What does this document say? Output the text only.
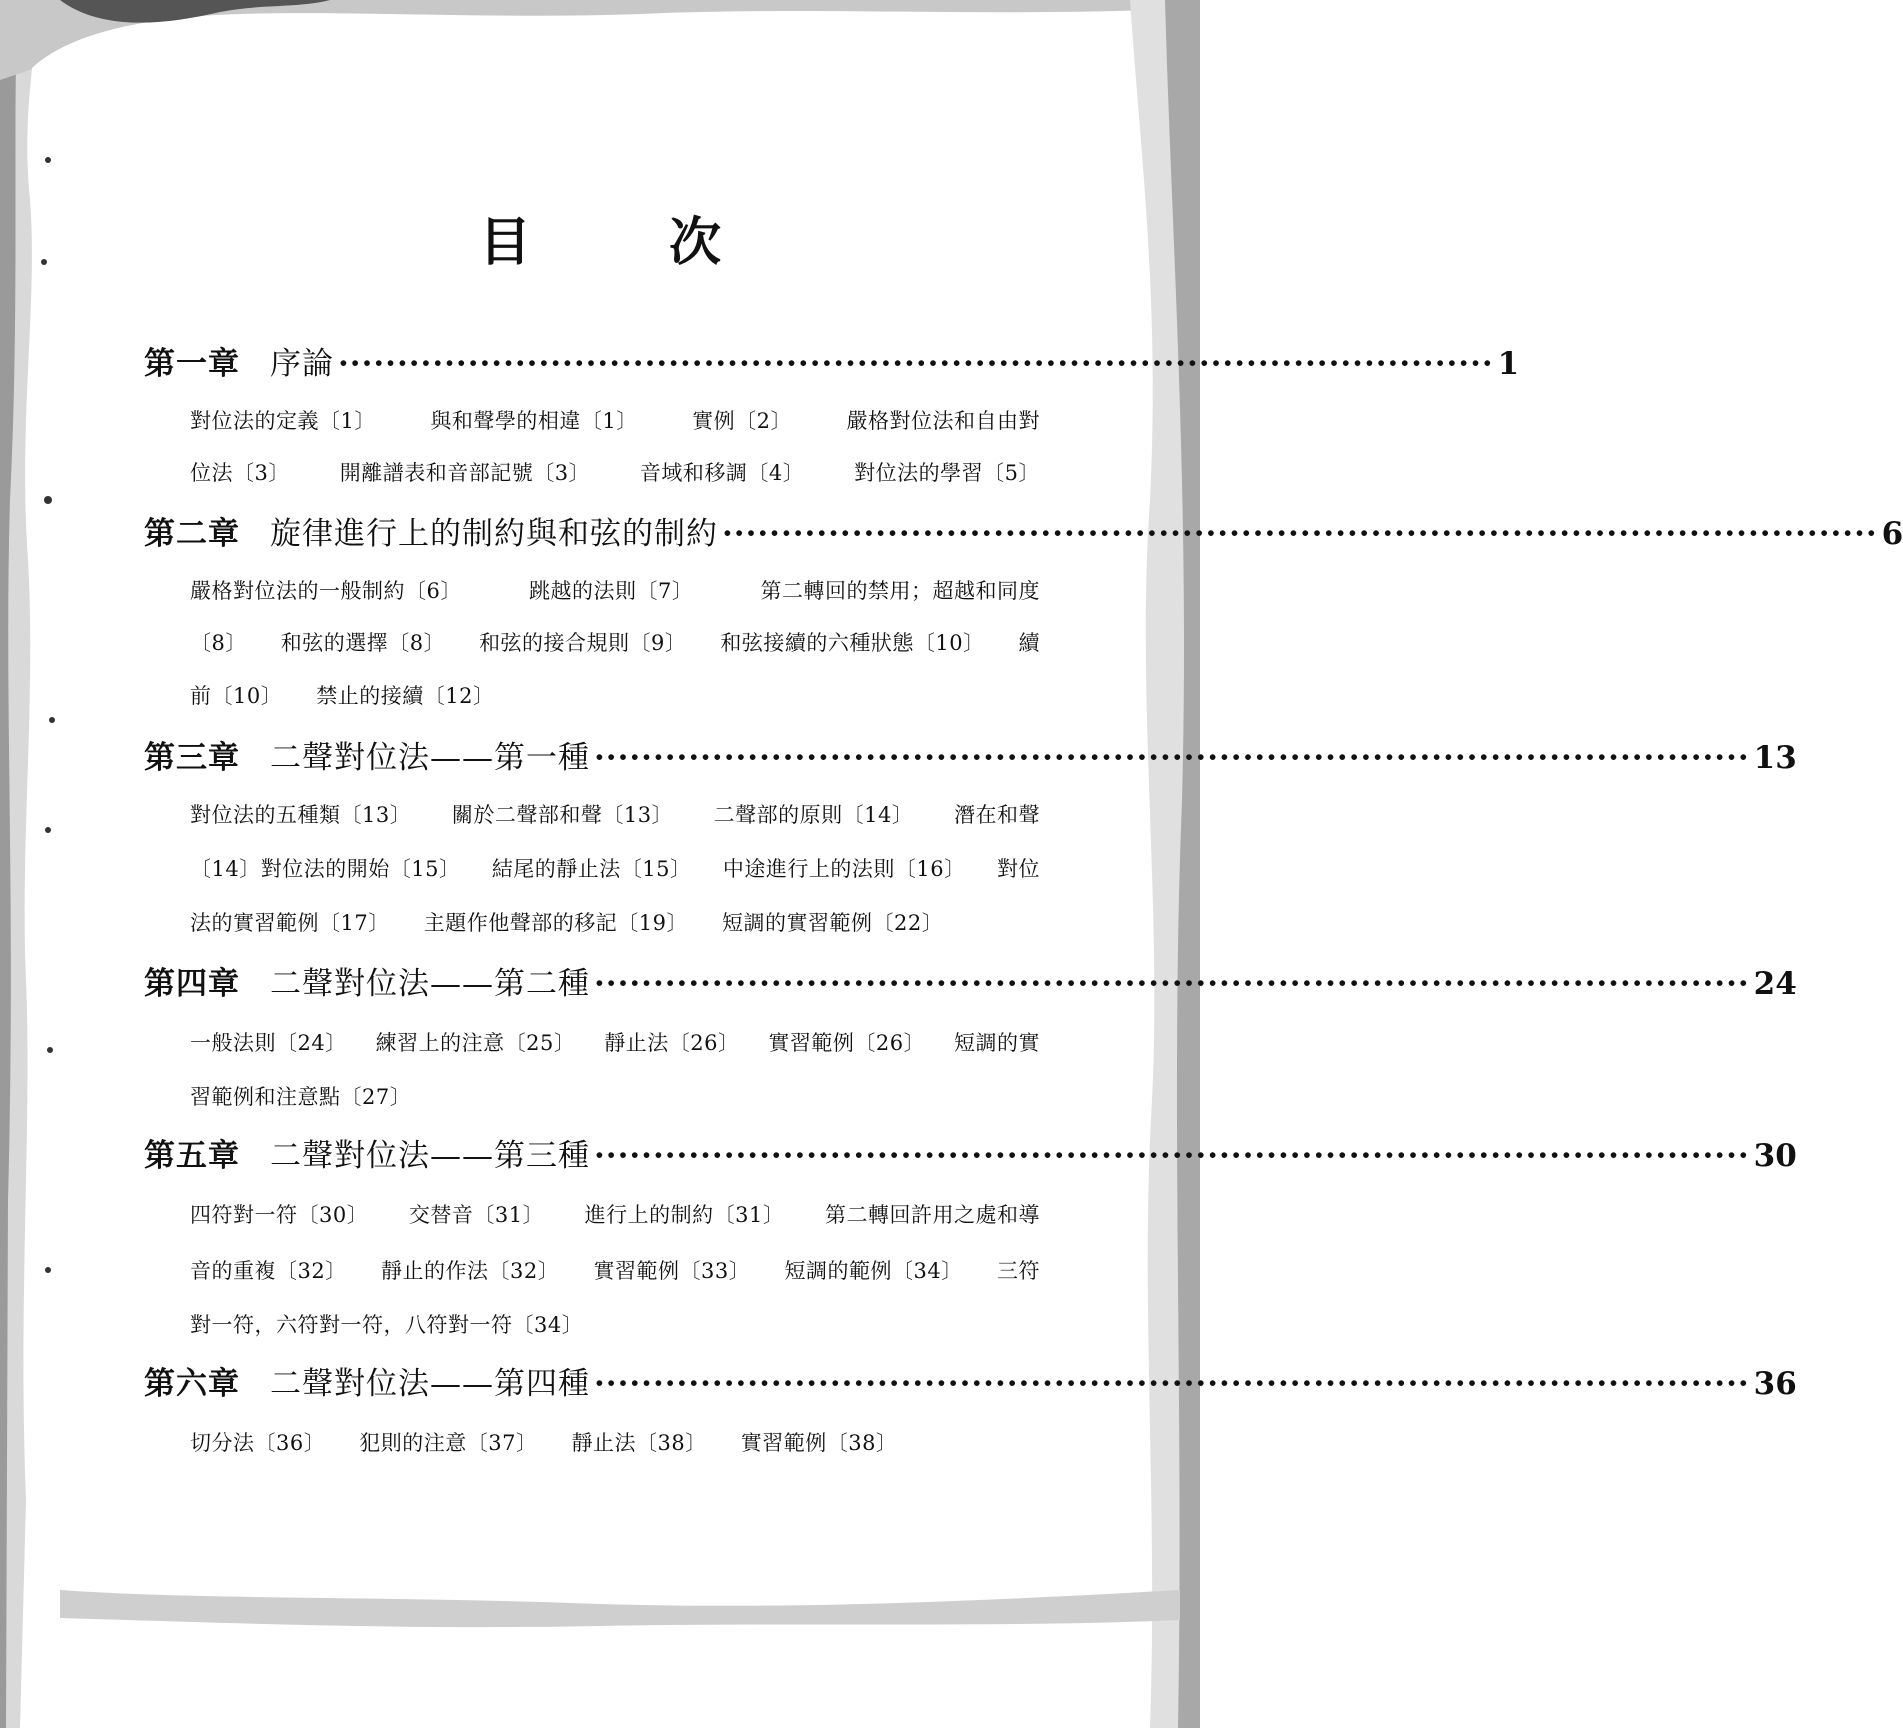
目 次
第一章 序論 ·································································································· 1
對位法的定義〔1〕	與和聲學的相違〔1〕	實例〔2〕	嚴格對位法和自由對
位法〔3〕 開離譜表和音部記號〔3〕 音域和移調〔4〕 對位法的學習〔5〕
第二章 旋律進行上的制約與和弦的制約 ·································································································· 6
嚴格對位法的一般制約〔6〕	跳越的法則〔7〕	第二轉回的禁用；超越和同度
〔8〕 和弦的選擇〔8〕 和弦的接合規則〔9〕 和弦接續的六種狀態〔10〕 續
前〔10〕 禁止的接續〔12〕
第三章 二聲對位法——第一種 ·································································································· 13
對位法的五種類〔13〕 關於二聲部和聲〔13〕 二聲部的原則〔14〕 潛在和聲
〔14〕對位法的開始〔15〕 結尾的靜止法〔15〕 中途進行上的法則〔16〕 對位
法的實習範例〔17〕 主題作他聲部的移記〔19〕 短調的實習範例〔22〕
第四章 二聲對位法——第二種 ·································································································· 24
一般法則〔24〕 練習上的注意〔25〕 靜止法〔26〕 實習範例〔26〕 短調的實
習範例和注意點〔27〕
第五章 二聲對位法——第三種 ·································································································· 30
四符對一符〔30〕 交替音〔31〕 進行上的制約〔31〕 第二轉回許用之處和導
音的重複〔32〕 靜止的作法〔32〕 實習範例〔33〕 短調的範例〔34〕 三符
對一符，六符對一符，八符對一符〔34〕
第六章 二聲對位法——第四種 ·································································································· 36
切分法〔36〕 犯則的注意〔37〕 靜止法〔38〕 實習範例〔38〕
